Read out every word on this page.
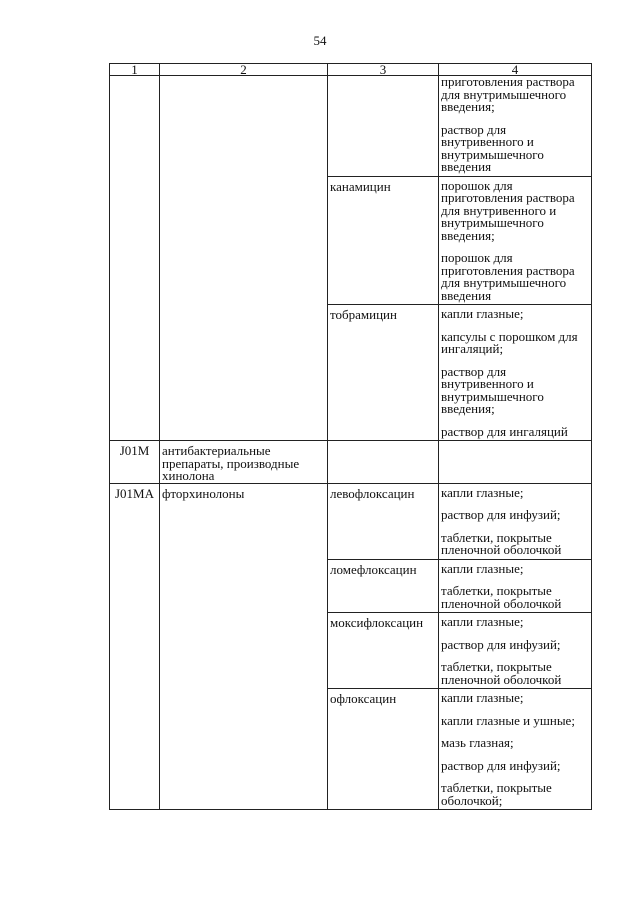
54
1	2	3	4

			приготовления раствора для внутримышечного введения;
раствор для внутривенного и внутримышечного введения

		канамицин	порошок для приготовления раствора для внутривенного и внутримышечного введения;
порошок для приготовления раствора для внутримышечного введения

		тобрамицин	капли глазные;
капсулы с порошком для ингаляций;
раствор для внутривенного и внутримышечного введения;
раствор для ингаляций

J01M	антибактериальные препараты, производные хинолона		
J01MA	фторхинолоны	левофлоксацин	капли глазные;
раствор для инфузий;
таблетки, покрытые пленочной оболочкой

		ломефлоксацин	капли глазные;
таблетки, покрытые пленочной оболочкой

		моксифлоксацин	капли глазные;
раствор для инфузий;
таблетки, покрытые пленочной оболочкой

		офлоксацин	капли глазные;
капли глазные и ушные;
мазь глазная;
раствор для инфузий;
таблетки, покрытые оболочкой;
